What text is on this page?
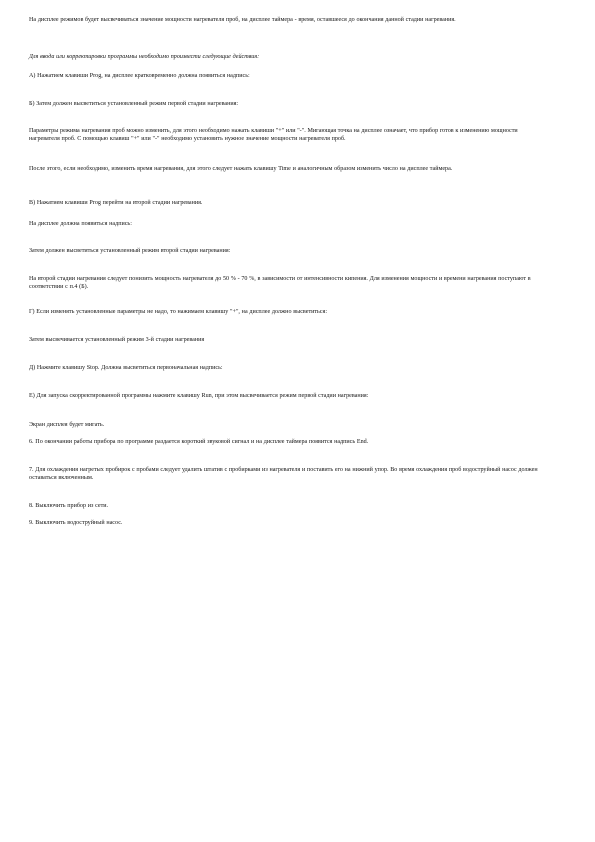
На дисплее режимов будет высвечиваться значение мощности нагревателя проб, на дисплее таймера - время, оставшееся до окончания данной стадии нагревания.

Для ввода или корректировки программы необходимо произвести следующие действия:

А) Нажатием клавиши Prog, на дисплее кратковременно должна появиться надпись:

Б) Затем должен высветиться установленный режим первой стадии нагревания:

Параметры режима нагревания проб можно изменить, для этого необходимо нажать клавиши "+" или "-". Мигающая точка на дисплее означает, что прибор готов к изменению мощности нагревателя проб. С помощью клавиш "+" или "-" необходимо установить нужное значение мощности нагревателя проб.

После этого, если необходимо, изменить время нагревания, для этого следует нажать клавишу Time и аналогичным образом изменить число на дисплее таймера.

В) Нажатием клавиши Prog перейти на второй стадии нагревания.

На дисплее должна появиться надпись:

Затем должен высветиться установленный режим второй стадии нагревания:

На второй стадии нагревания следует понизить мощность нагревателя до 50 % - 70 %, в зависимости от интенсивности кипения. Для изменения мощности и времени нагревания поступают в соответствии с п.4 (Б).

Г) Если изменять установленные параметры не надо, то нажимаем клавишу "+", на дисплее должно высветиться:

Затем высвечивается установленный режим 3-й стадии нагревания

Д) Нажмите клавишу Stop. Должна высветиться первоначальная надпись:

Е) Для запуска скорректированной программы нажмите клавишу Run, при этом высвечивается режим первой стадии нагревания:

Экран дисплея будет мигать.

6. По окончании работы прибора по программе раздается короткий звуковой сигнал и на дисплее таймера появится надпись End.

7. Для охлаждения нагретых пробирок с пробами следует удалить штатив с пробирками из нагревателя и поставить его на нижний упор. Во время охлаждения проб водоструйный насос должен оставаться включенным.

8. Выключить прибор из сети.

9. Выключить водоструйный насос.
